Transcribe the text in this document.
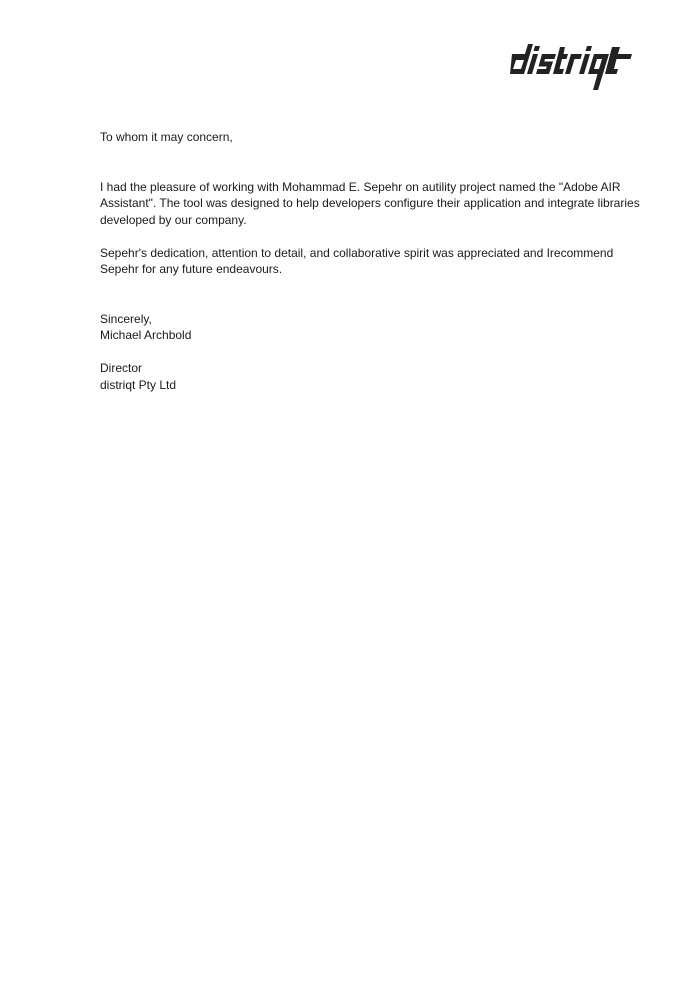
To whom it may concern,

I had the pleasure of working with Mohammad E. Sepehr on autility project named the "Adobe AIR Assistant". The tool was designed to help developers configure their application and integrate libraries developed by our company.

Sepehr's dedication, attention to detail, and collaborative spirit was appreciated and Irecommend Sepehr for any future endeavours.

Sincerely,

Michael Archbold

Director

distriqt Pty Ltd
